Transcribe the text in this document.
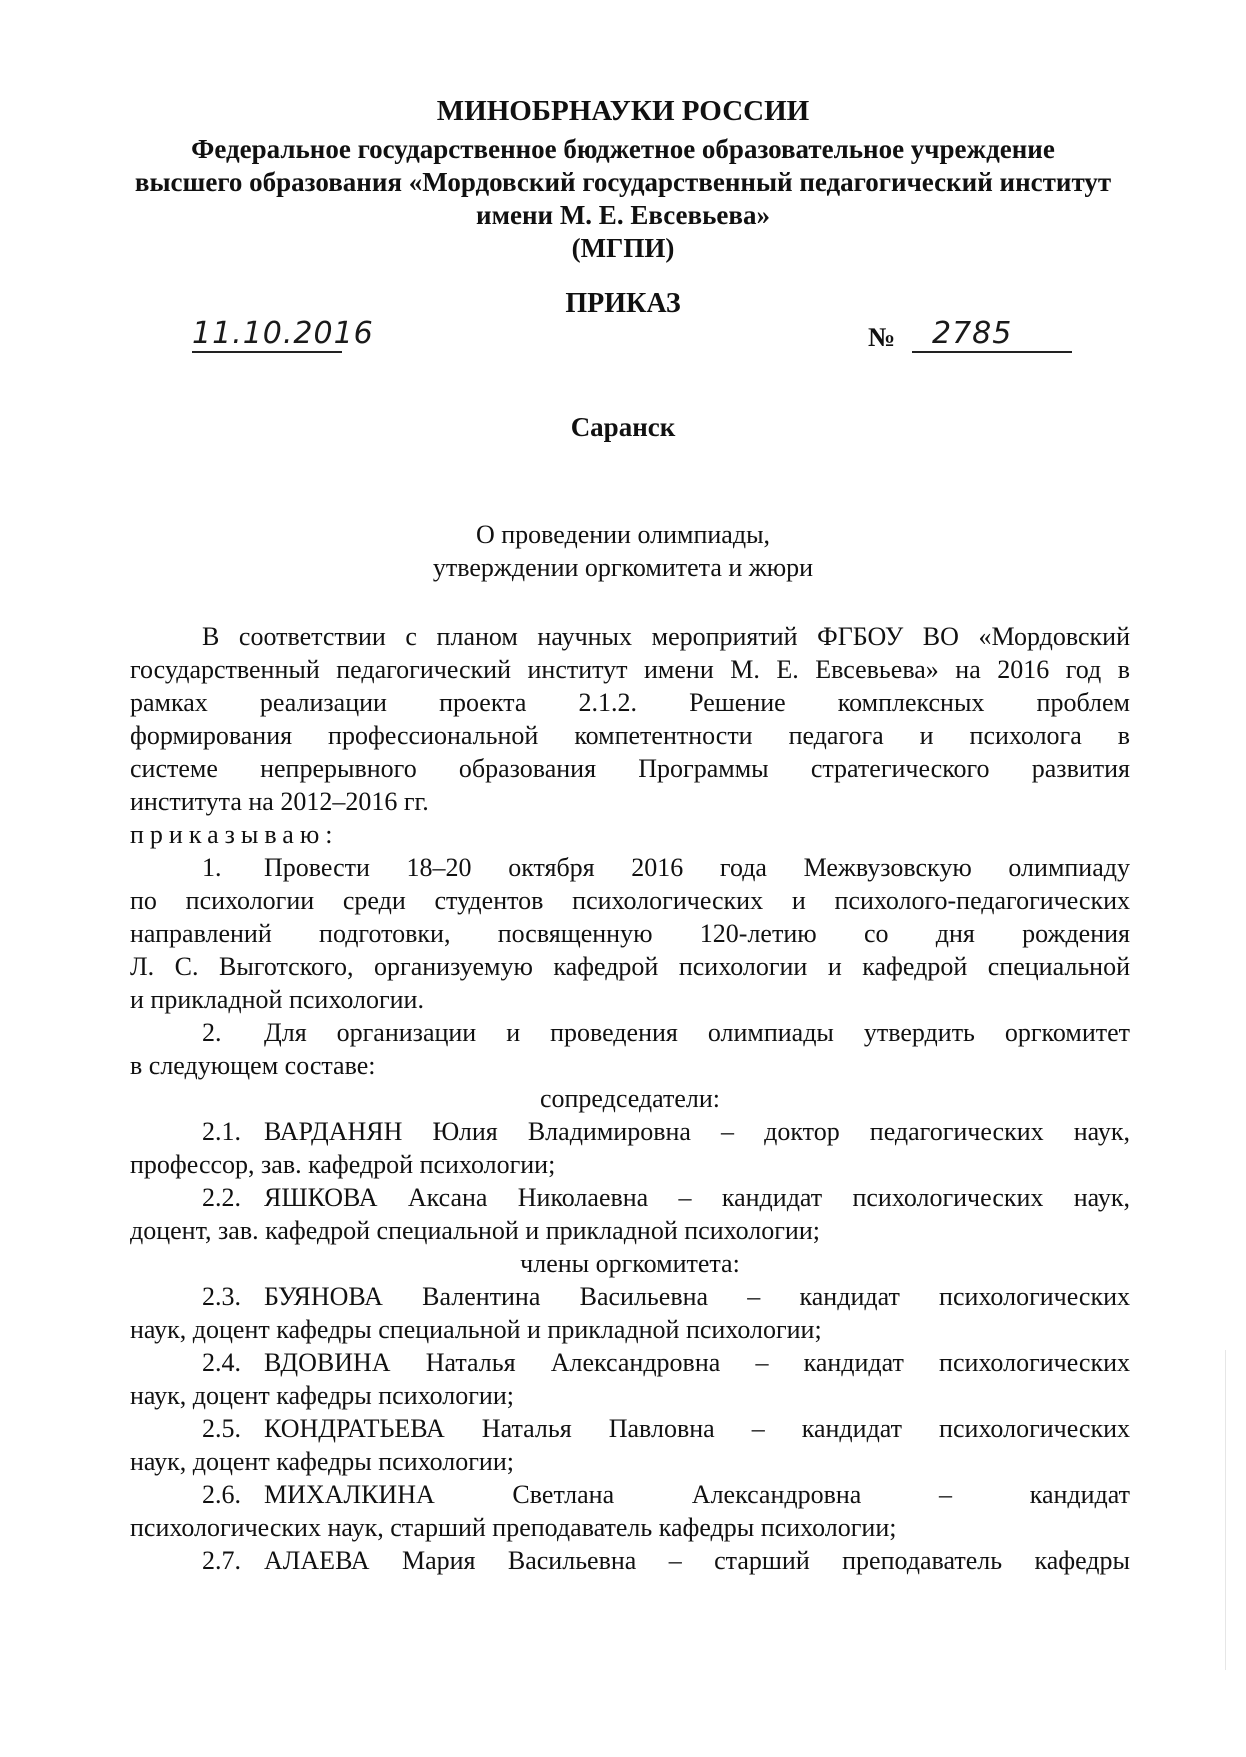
МИНОБРНАУКИ РОССИИ
Федеральное государственное бюджетное образовательное учреждение
высшего образования «Мордовский государственный педагогический институт
имени М. Е. Евсевьева»
(МГПИ)
ПРИКАЗ
11.10.2016	№ 2785
Саранск
О проведении олимпиады,
утверждении оргкомитета и жюри
В соответствии с планом научных мероприятий ФГБОУ ВО «Мордовский
государственный педагогический институт имени М. Е. Евсевьева» на 2016 год в
рамках реализации проекта 2.1.2. Решение комплексных проблем
формирования профессиональной компетентности педагога и психолога в
системе непрерывного образования Программы стратегического развития
института на 2012–2016 гг.
приказываю:
1. Провести 18–20 октября 2016 года Межвузовскую олимпиаду
по психологии среди студентов психологических и психолого-педагогических
направлений подготовки, посвященную 120-летию со дня рождения
Л. С. Выготского, организуемую кафедрой психологии и кафедрой специальной
и прикладной психологии.
2. Для организации и проведения олимпиады утвердить оргкомитет
в следующем составе:
сопредседатели:
2.1. ВАРДАНЯН Юлия Владимировна – доктор педагогических наук,
профессор, зав. кафедрой психологии;
2.2. ЯШКОВА Аксана Николаевна – кандидат психологических наук,
доцент, зав. кафедрой специальной и прикладной психологии;
члены оргкомитета:
2.3. БУЯНОВА Валентина Васильевна – кандидат психологических
наук, доцент кафедры специальной и прикладной психологии;
2.4. ВДОВИНА Наталья Александровна – кандидат психологических
наук, доцент кафедры психологии;
2.5. КОНДРАТЬЕВА Наталья Павловна – кандидат психологических
наук, доцент кафедры психологии;
2.6. МИХАЛКИНА Светлана Александровна – кандидат
психологических наук, старший преподаватель кафедры психологии;
2.7. АЛАЕВА Мария Васильевна – старший преподаватель кафедры
